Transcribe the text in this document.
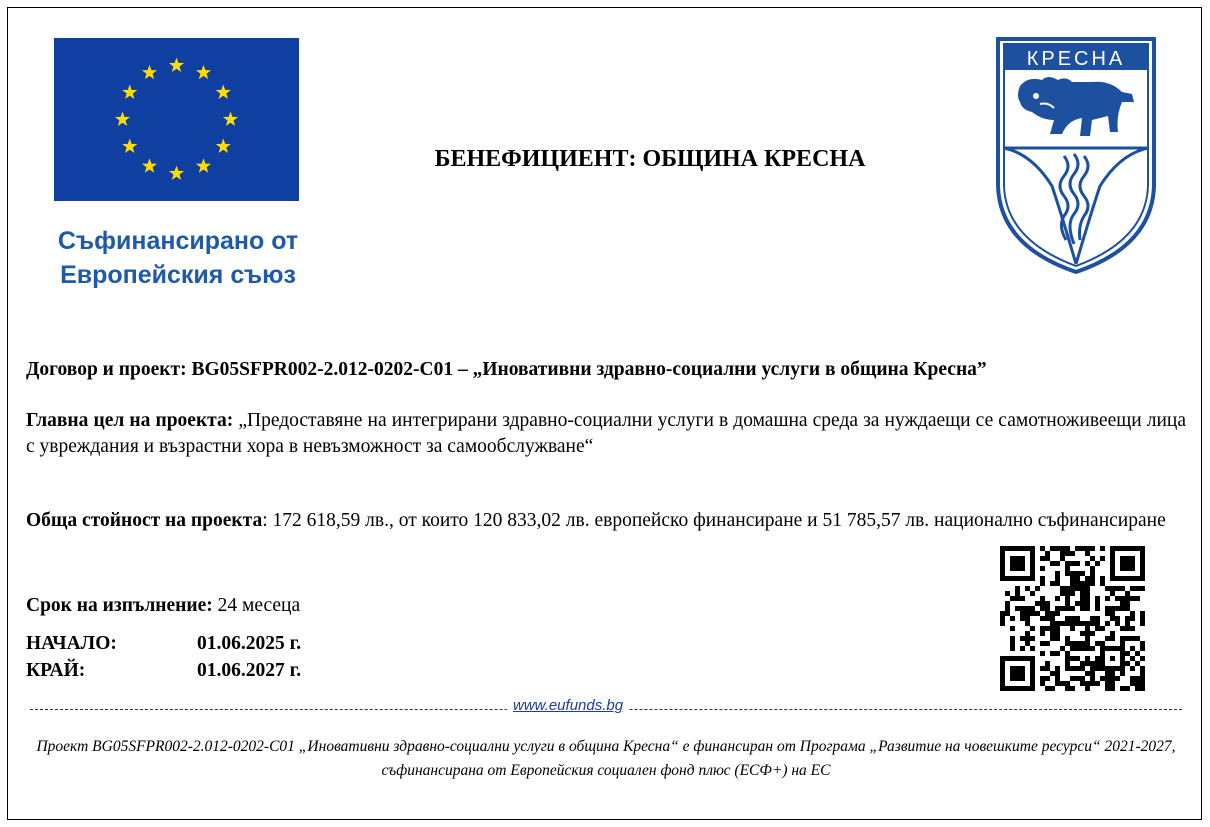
Съфинансирано от
Европейския съюз
БЕНЕФИЦИЕНТ: ОБЩИНА КРЕСНА
КРЕСНА
Договор и проект: BG05SFPR002-2.012-0202-C01 – „Иновативни здравно-социални услуги в община Кресна”
Главна цел на проекта: „Предоставяне на интегрирани здравно-социални услуги в домашна среда за нуждаещи се самотноживеещи лица с увреждания и възрастни хора в невъзможност за самообслужване“
Обща стойност на проекта: 172 618,59 лв., от които 120 833,02 лв. европейско финансиране и 51 785,57 лв. национално съфинансиране
Срок на изпълнение: 24 месеца
НАЧАЛО:	01.06.2025 г.
КРАЙ:	01.06.2027 г.
www.eufunds.bg
Проект BG05SFPR002-2.012-0202-C01 „Иновативни здравно-социални услуги в община Кресна“ е финансиран от Програма „Развитие на човешките ресурси“ 2021-2027, съфинансирана от Европейския социален фонд плюс (ЕСФ+) на ЕС
